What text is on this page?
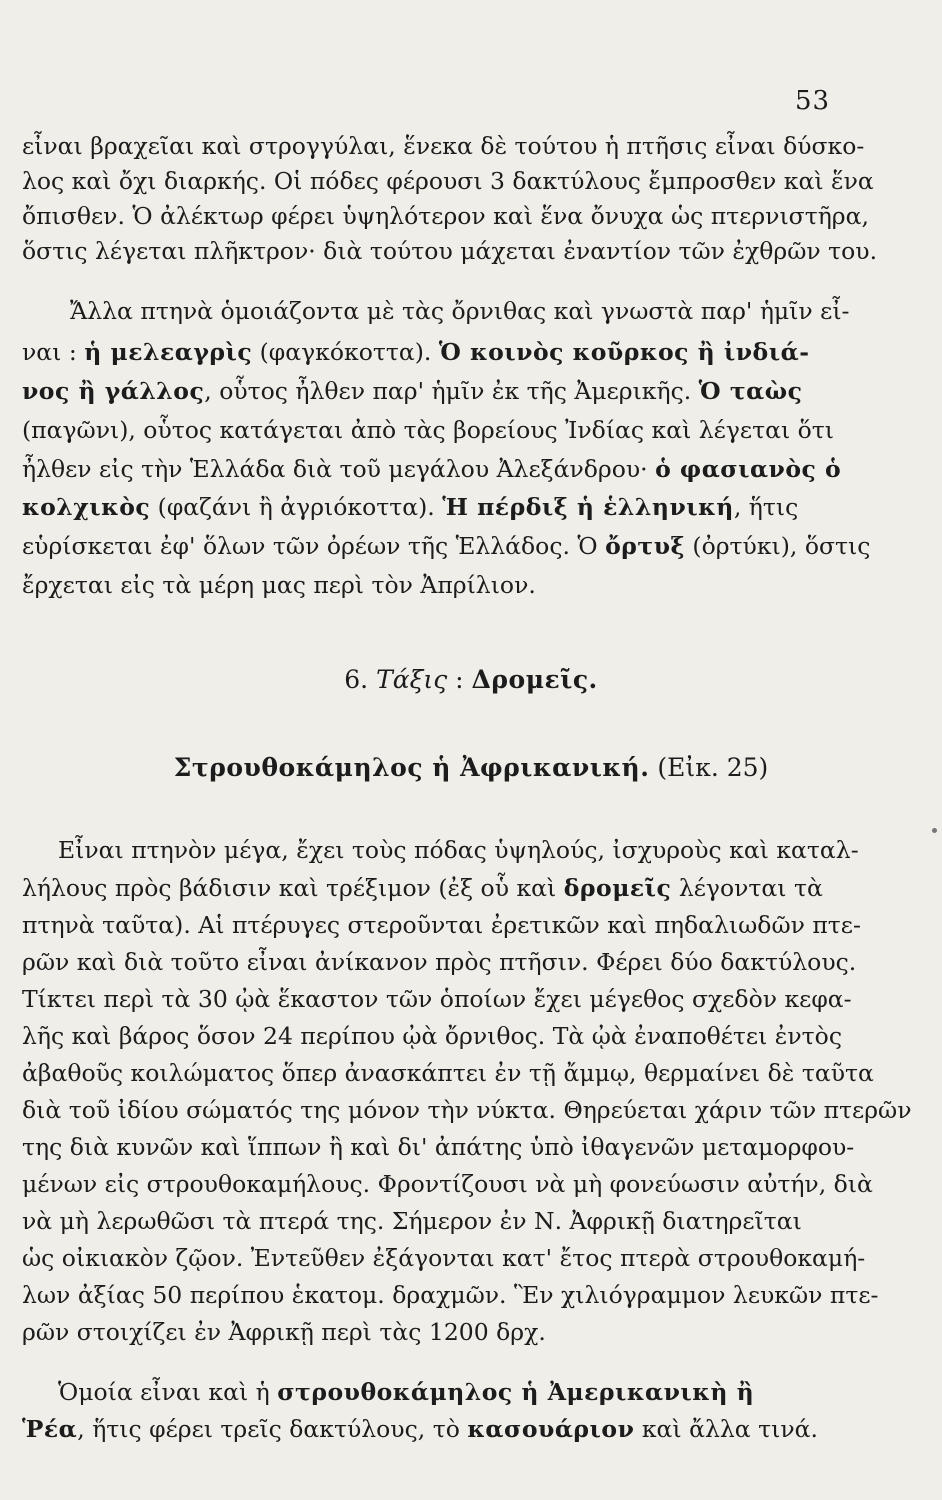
53
εἶναι βραχεῖαι καὶ στρογγύλαι, ἕνεκα δὲ τούτου ἡ πτῆσις εἶναι δύσκο-
λος καὶ ὄχι διαρκής. Οἱ πόδες φέρουσι 3 δακτύλους ἔμπροσθεν καὶ ἕνα
ὄπισθεν. Ὁ ἀλέκτωρ φέρει ὑψηλότερον καὶ ἕνα ὄνυχα ὡς πτερνιστῆρα,
ὅστις λέγεται πλῆκτρον· διὰ τούτου μάχεται ἐναντίον τῶν ἐχθρῶν του.
Ἄλλα πτηνὰ ὁμοιάζοντα μὲ τὰς ὄρνιθας καὶ γνωστὰ παρ' ἡμῖν εἶ-
ναι : ἡ μελεαγρὶς (φαγκόκοττα). Ὁ κοινὸς κοῦρκος ἢ ἰνδιά-
νος ἢ γάλλος, οὗτος ἦλθεν παρ' ἡμῖν ἐκ τῆς Ἀμερικῆς. Ὁ ταὼς
(παγῶνι), οὗτος κατάγεται ἀπὸ τὰς βορείους Ἰνδίας καὶ λέγεται ὅτι
ἦλθεν εἰς τὴν Ἑλλάδα διὰ τοῦ μεγάλου Ἀλεξάνδρου· ὁ φασιανὸς ὁ
κολχικὸς (φαζάνι ἢ ἀγριόκοττα). Ἡ πέρδιξ ἡ ἑλληνική, ἥτις
εὑρίσκεται ἐφ' ὅλων τῶν ὀρέων τῆς Ἑλλάδος. Ὁ ὄρτυξ (ὀρτύκι), ὅστις
ἔρχεται εἰς τὰ μέρη μας περὶ τὸν Ἀπρίλιον.
6. Τάξις : Δρομεῖς.
Στρουθοκάμηλος ἡ Ἀφρικανική. (Εἰκ. 25)
Εἶναι πτηνὸν μέγα, ἔχει τοὺς πόδας ὑψηλούς, ἰσχυροὺς καὶ καταλ-
λήλους πρὸς βάδισιν καὶ τρέξιμον (ἐξ οὗ καὶ δρομεῖς λέγονται τὰ
πτηνὰ ταῦτα). Αἱ πτέρυγες στεροῦνται ἐρετικῶν καὶ πηδαλιωδῶν πτε-
ρῶν καὶ διὰ τοῦτο εἶναι ἀνίκανον πρὸς πτῆσιν. Φέρει δύο δακτύλους.
Τίκτει περὶ τὰ 30 ᾠὰ ἕκαστον τῶν ὁποίων ἔχει μέγεθος σχεδὸν κεφα-
λῆς καὶ βάρος ὅσον 24 περίπου ᾠὰ ὄρνιθος. Τὰ ᾠὰ ἐναποθέτει ἐντὸς
ἀβαθοῦς κοιλώματος ὅπερ ἀνασκάπτει ἐν τῇ ἄμμῳ, θερμαίνει δὲ ταῦτα
διὰ τοῦ ἰδίου σώματός της μόνον τὴν νύκτα. Θηρεύεται χάριν τῶν πτερῶν
της διὰ κυνῶν καὶ ἵππων ἢ καὶ δι' ἀπάτης ὑπὸ ἰθαγενῶν μεταμορφου-
μένων εἰς στρουθοκαμήλους. Φροντίζουσι νὰ μὴ φονεύωσιν αὐτήν, διὰ
νὰ μὴ λερωθῶσι τὰ πτερά της. Σήμερον ἐν Ν. Ἀφρικῇ διατηρεῖται
ὡς οἰκιακὸν ζῷον. Ἐντεῦθεν ἐξάγονται κατ' ἔτος πτερὰ στρουθοκαμή-
λων ἀξίας 50 περίπου ἑκατομ. δραχμῶν. Ἓν χιλιόγραμμον λευκῶν πτε-
ρῶν στοιχίζει ἐν Ἀφρικῇ περὶ τὰς 1200 δρχ.
Ὁμοία εἶναι καὶ ἡ στρουθοκάμηλος ἡ Ἀμερικανικὴ ἢ
Ῥέα, ἥτις φέρει τρεῖς δακτύλους, τὸ κασουάριον καὶ ἄλλα τινά.
